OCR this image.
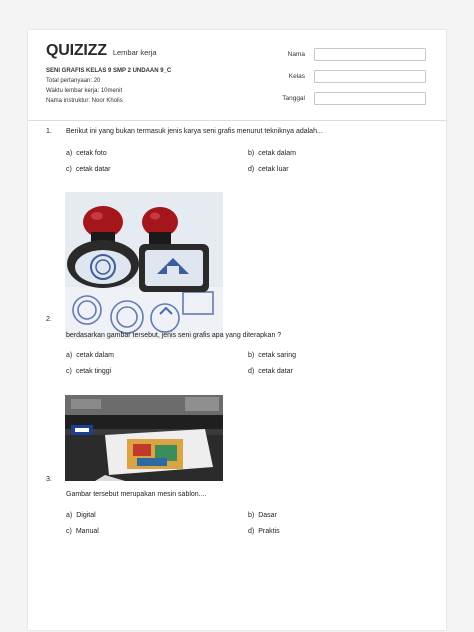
QUIZIZZ Lembar kerja
SENI GRAFIS KELAS 9 SMP 2 UNDAAN 9_C
Total pertanyaan: 20
Waktu lembar kerja: 10menit
Nama instruktur: Noor Kholis
Nama
Kelas
Tanggal
1. Berikut ini yang bukan termasuk jenis karya seni grafis menurut tekniknya adalah...
a) cetak foto	b) cetak dalam
c) cetak datar	d) cetak luar
2.
berdasarkan gambar tersebut, jenis seni grafis apa yang diterapkan ?
a) cetak dalam	b) cetak saring
c) cetak tinggi	d) cetak datar
3.
Gambar tersebut merupakan mesin sablon....
a) Digital	b) Dasar
c) Manual	d) Praktis
